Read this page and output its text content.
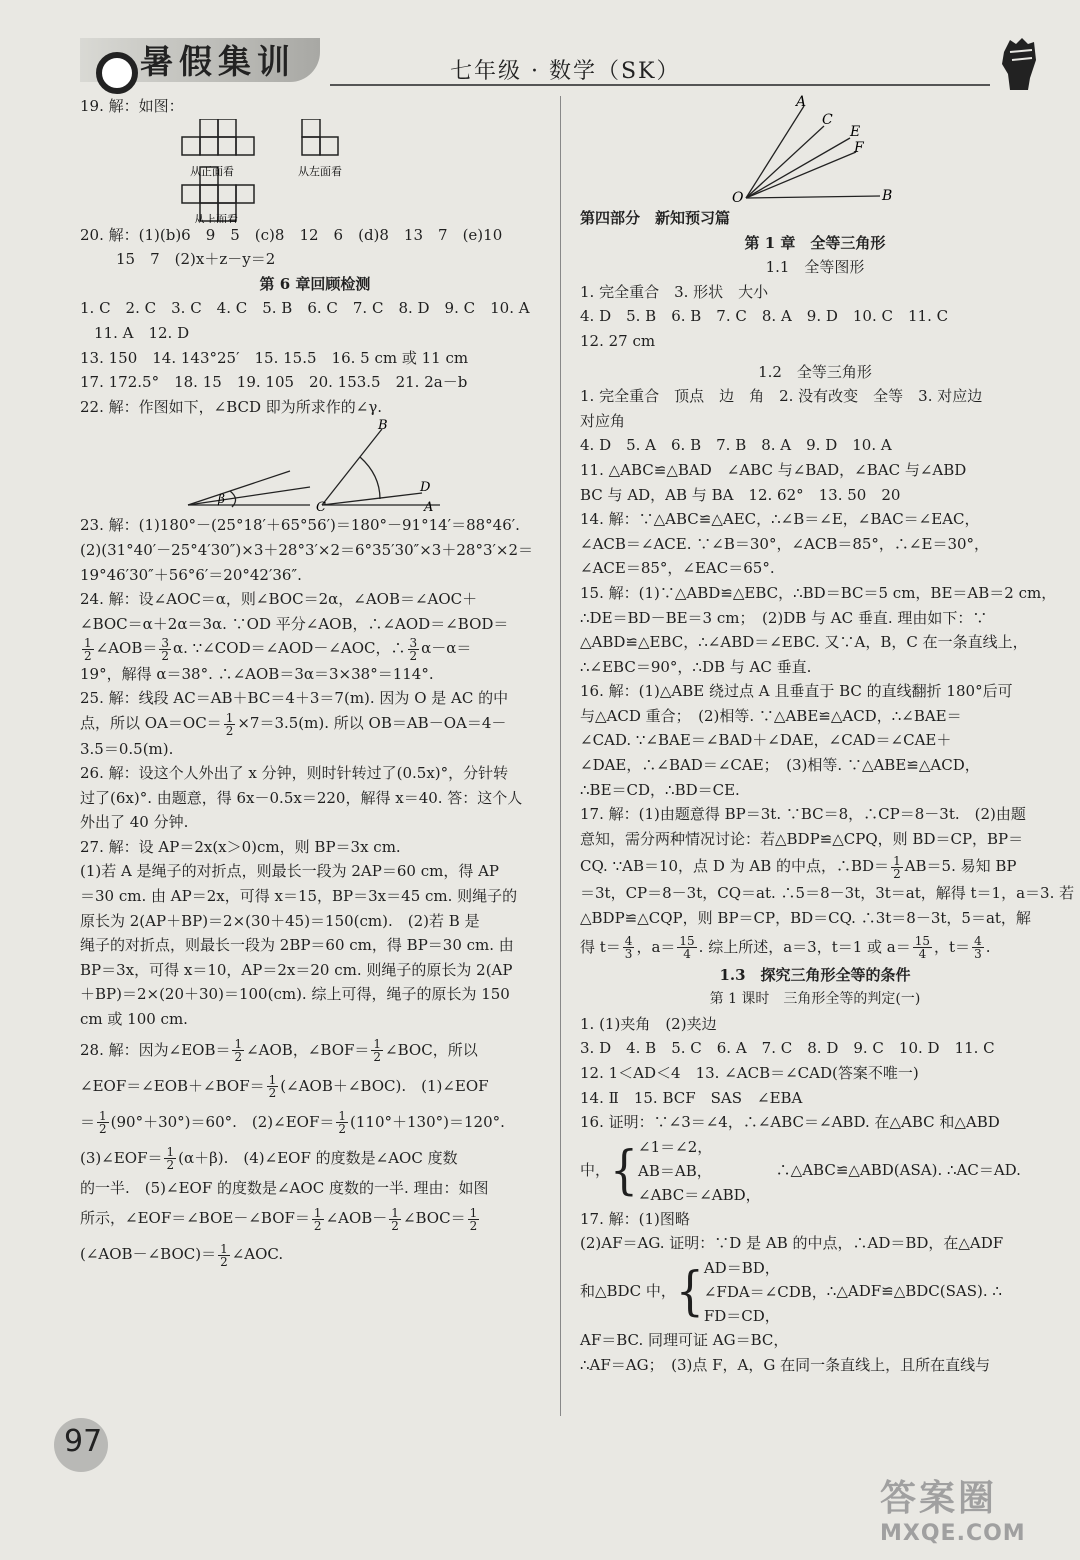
暑假集训	七年级 · 数学（SK）

19. 解：如图：

从正面看	从左面看
从上面看

20. 解：(1)(b)6　9　5　(c)8　12　6　(d)8　13　7　(e)10

15　7　(2)x＋z－y＝2

第 6 章回顾检测

1. C　2. C　3. C　4. C　5. B　6. C　7. C　8. D　9. C　10. A

11. A　12. D

13. 150　14. 143°25′　15. 15.5　16. 5 cm 或 11 cm

17. 172.5°　18. 15　19. 105　20. 153.5　21. 2a－b

22. 解：作图如下，∠BCD 即为所求作的∠γ.

β
B
D
C	A

23. 解：(1)180°－(25°18′＋65°56′)＝180°－91°14′＝88°46′.

(2)(31°40′－25°4′30″)×3＋28°3′×2＝6°35′30″×3＋28°3′×2＝

19°46′30″＋56°6′＝20°42′36″.

24. 解：设∠AOC＝α，则∠BOC＝2α，∠AOB＝∠AOC＋

∠BOC＝α＋2α＝3α. ∵OD 平分∠AOB，∴∠AOD＝∠BOD＝

$\frac{1}{2}$ ∠AOB＝ $\frac{3}{2} \alpha$. ∵∠COD＝∠AOD－∠AOC，∴ $\frac{3}{2} \alpha-\alpha=$

19°，解得 α＝38°. ∴∠AOB＝3α＝3×38°＝114°.

25. 解：线段 AC＝AB＋BC＝4＋3＝7(m). 因为 O 是 AC 的中

点，所以 $OA=OC= \frac{1}{2} \times 7=3.5(m)$. 所以 OB＝AB－OA＝4－

3.5＝0.5(m).

26. 解：设这个人外出了 x 分钟，则时针转过了(0.5x)°，分针转

过了(6x)°. 由题意，得 6x－0.5x＝220，解得 x＝40. 答：这个人

外出了 40 分钟.

27. 解：设 AP＝2x(x＞0)cm，则 BP＝3x cm.

(1)若 A 是绳子的对折点，则最长一段为 2AP＝60 cm，得 AP

＝30 cm. 由 AP＝2x，可得 x＝15，BP＝3x＝45 cm. 则绳子的

原长为 2(AP＋BP)＝2×(30＋45)＝150(cm).　(2)若 B 是

绳子的对折点，则最长一段为 2BP＝60 cm，得 BP＝30 cm. 由

BP＝3x，可得 x＝10，AP＝2x＝20 cm. 则绳子的原长为 2(AP

＋BP)＝2×(20＋30)＝100(cm). 综上可得，绳子的原长为 150

cm 或 100 cm.

28. 解：因为∠EOB＝ $\frac{1}{2}$ ∠AOB，∠BOF＝ $\frac{1}{2}$ ∠BOC，所以

∠EOF＝∠EOB＋∠BOF＝ $\frac{1}{2}$ (∠AOB＋∠BOC).　(1)∠EOF

＝ $\frac{1}{2} (90^\circ+30^\circ)=60^\circ$.　(2)∠EOF＝ $\frac{1}{2} (110^\circ+130^\circ)=120^\circ$.

(3)∠EOF＝ $\frac{1}{2} (\alpha+\beta)$.　(4)∠EOF 的度数是∠AOC 度数

的一半.　(5)∠EOF 的度数是∠AOC 度数的一半. 理由：如图

所示，∠EOF＝∠BOE－∠BOF＝ $\frac{1}{2}$ ∠AOB－ $\frac{1}{2}$ ∠BOC＝ $\frac{1}{2}$

(∠AOB－∠BOC)＝ $\frac{1}{2}$ ∠AOC.

A
C
E
F
O	B

第四部分　新知预习篇

第 1 章　全等三角形

1.1　全等图形

1. 完全重合　3. 形状　大小

4. D　5. B　6. B　7. C　8. A　9. D　10. C　11. C

12. 27 cm

1.2　全等三角形

1. 完全重合　顶点　边　角　2. 没有改变　全等　3. 对应边

对应角

4. D　5. A　6. B　7. B　8. A　9. D　10. A

11. △ABC≌△BAD　∠ABC 与∠BAD，∠BAC 与∠ABD

BC 与 AD，AB 与 BA　12. 62°　13. 50　20

14. 解：∵△ABC≌△AEC，∴∠B＝∠E，∠BAC＝∠EAC，

∠ACB＝∠ACE. ∵∠B＝30°，∠ACB＝85°，∴∠E＝30°，

∠ACE＝85°，∠EAC＝65°.

15. 解：(1)∵△ABD≌△EBC，∴BD＝BC＝5 cm，BE＝AB＝2 cm，

∴DE＝BD－BE＝3 cm；　(2)DB 与 AC 垂直. 理由如下：∵

△ABD≌△EBC，∴∠ABD＝∠EBC. 又∵A，B，C 在一条直线上，

∴∠EBC＝90°，∴DB 与 AC 垂直.

16. 解：(1)△ABE 绕过点 A 且垂直于 BC 的直线翻折 180°后可

与△ACD 重合；　(2)相等. ∵△ABE≌△ACD，∴∠BAE＝

∠CAD. ∵∠BAE＝∠BAD＋∠DAE，∠CAD＝∠CAE＋

∠DAE，∴∠BAD＝∠CAE；　(3)相等. ∵△ABE≌△ACD，

∴BE＝CD，∴BD＝CE.

17. 解：(1)由题意得 BP＝3t. ∵BC＝8，∴CP＝8－3t.　(2)由题

意知，需分两种情况讨论：若△BDP≌△CPQ，则 BD＝CP，BP＝

CQ. ∵AB＝10，点 D 为 AB 的中点，∴BD＝ $\frac{1}{2} AB=5$. 易知 BP

＝3t，CP＝8－3t，CQ＝at. ∴5＝8－3t，3t＝at，解得 t＝1，a＝3. 若

△BDP≌△CQP，则 BP＝CP，BD＝CQ. ∴3t＝8－3t，5＝at，解

得 $t= \frac{4}{3}$ ，$a= \frac{15}{4}$ . 综上所述，a＝3，t＝1 或 $a= \frac{15}{4}$ ，$t= \frac{4}{3}$ .

1.3　探究三角形全等的条件

第 1 课时　三角形全等的判定(一)

1. (1)夹角　(2)夹边

3. D　4. B　5. C　6. A　7. C　8. D　9. C　10. D　11. C

12. 1＜AD＜4　13. ∠ACB＝∠CAD(答案不唯一)

14. Ⅱ　15. BCF　SAS　∠EBA

16. 证明：∵∠3＝∠4，∴∠ABC＝∠ABD. 在△ABC 和△ABD

中，{ ∠1＝∠2，
AB＝AB，
∠ABC＝∠ABD，
　∴△ABC≌△ABD(ASA). ∴AC＝AD.

17. 解：(1)图略

(2)AF＝AG. 证明：∵D 是 AB 的中点，∴AD＝BD，在△ADF

和△BDC 中，{ AD＝BD，
∠FDA＝∠CDB，
FD＝CD，
∴△ADF≌△BDC(SAS). ∴

AF＝BC. 同理可证 AG＝BC，

∴AF＝AG；　(3)点 F，A，G 在同一条直线上，且所在直线与

97
答案圈
MXQE.COM
